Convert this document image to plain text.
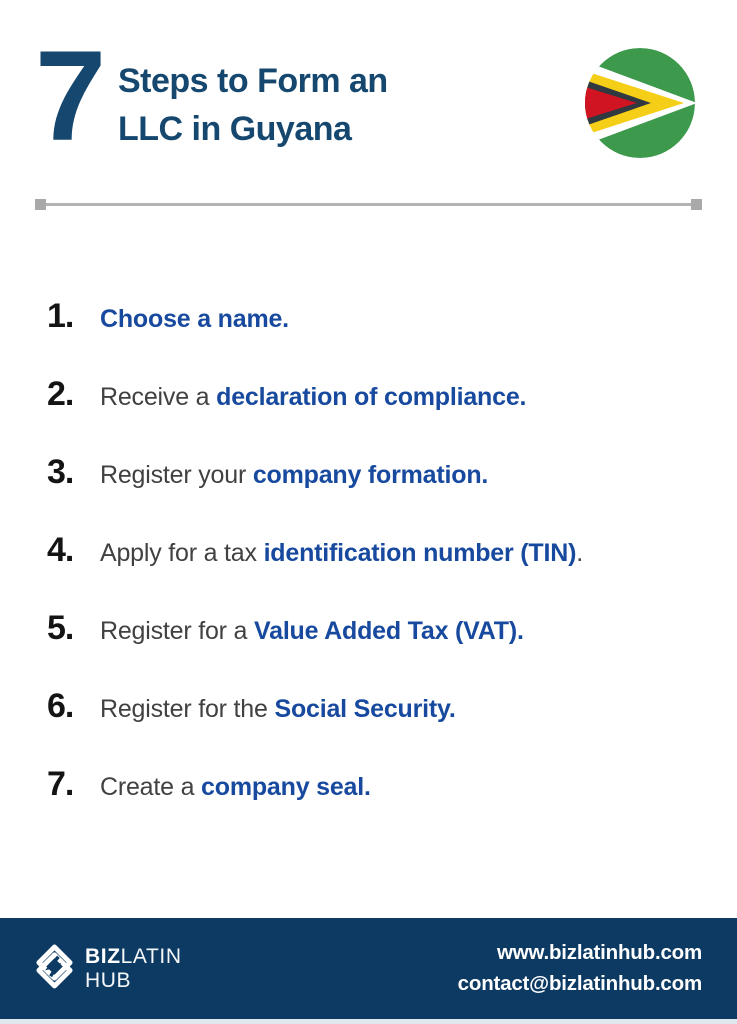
7 Steps to Form an
LLC in Guyana
1.	Choose a name.
2.	Receive a declaration of compliance.
3.	Register your company formation.
4.	Apply for a tax identification number (TIN).
5.	Register for a Value Added Tax (VAT).
6.	Register for the Social Security.
7.	Create a company seal.
BIZLATIN
HUB
www.bizlatinhub.com
contact@bizlatinhub.com
